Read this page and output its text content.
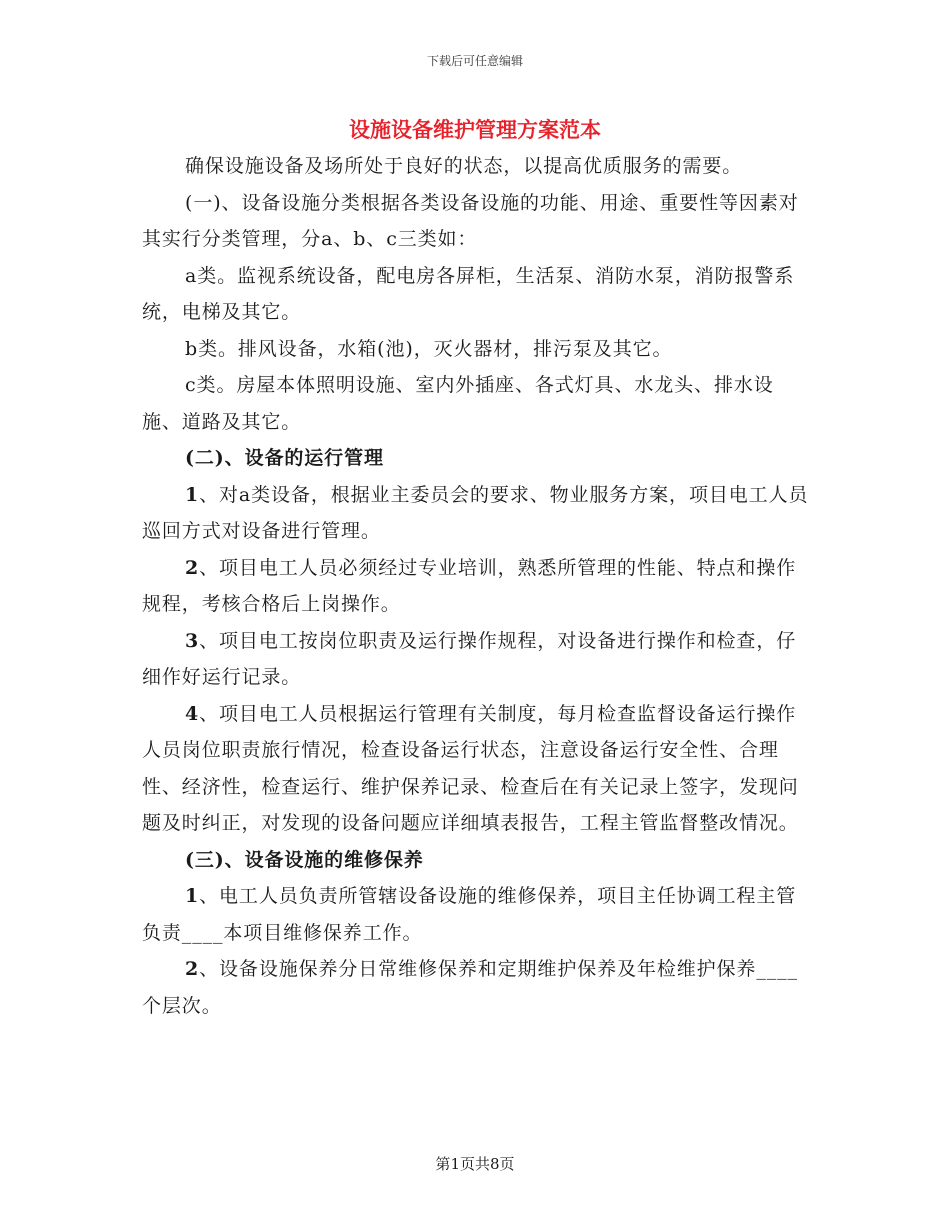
下载后可任意编辑
设施设备维护管理方案范本

确保设施设备及场所处于良好的状态，以提高优质服务的需要。

(一)、设备设施分类根据各类设备设施的功能、用途、重要性等因素对其实行分类管理，分a、b、c三类如：

a类。监视系统设备，配电房各屏柜，生活泵、消防水泵，消防报警系统，电梯及其它。

b类。排风设备，水箱(池)，灭火器材，排污泵及其它。

c类。房屋本体照明设施、室内外插座、各式灯具、水龙头、排水设施、道路及其它。

(二)、设备的运行管理

1、对a类设备，根据业主委员会的要求、物业服务方案，项目电工人员巡回方式对设备进行管理。

2、项目电工人员必须经过专业培训，熟悉所管理的性能、特点和操作规程，考核合格后上岗操作。

3、项目电工按岗位职责及运行操作规程，对设备进行操作和检查，仔细作好运行记录。

4、项目电工人员根据运行管理有关制度，每月检查监督设备运行操作人员岗位职责旅行情况，检查设备运行状态，注意设备运行安全性、合理性、经济性，检查运行、维护保养记录、检查后在有关记录上签字，发现问题及时纠正，对发现的设备问题应详细填表报告，工程主管监督整改情况。

(三)、设备设施的维修保养

1、电工人员负责所管辖设备设施的维修保养，项目主任协调工程主管负责____本项目维修保养工作。

2、设备设施保养分日常维修保养和定期维护保养及年检维护保养____个层次。

第1页共8页
